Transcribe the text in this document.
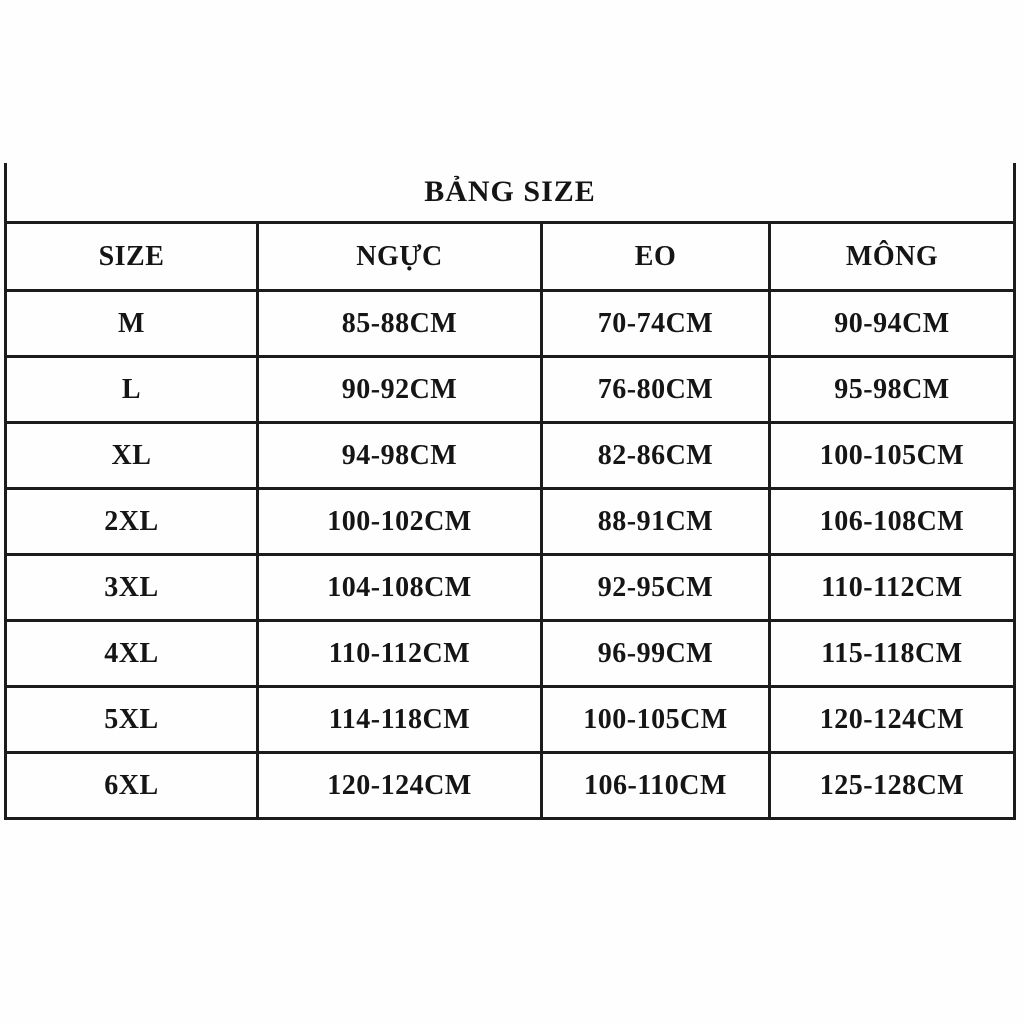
BẢNG SIZE			
SIZE	NGỰC	EO	MÔNG
M	85-88CM	70-74CM	90-94CM
L	90-92CM	76-80CM	95-98CM
XL	94-98CM	82-86CM	100-105CM
2XL	100-102CM	88-91CM	106-108CM
3XL	104-108CM	92-95CM	110-112CM
4XL	110-112CM	96-99CM	115-118CM
5XL	114-118CM	100-105CM	120-124CM
6XL	120-124CM	106-110CM	125-128CM
